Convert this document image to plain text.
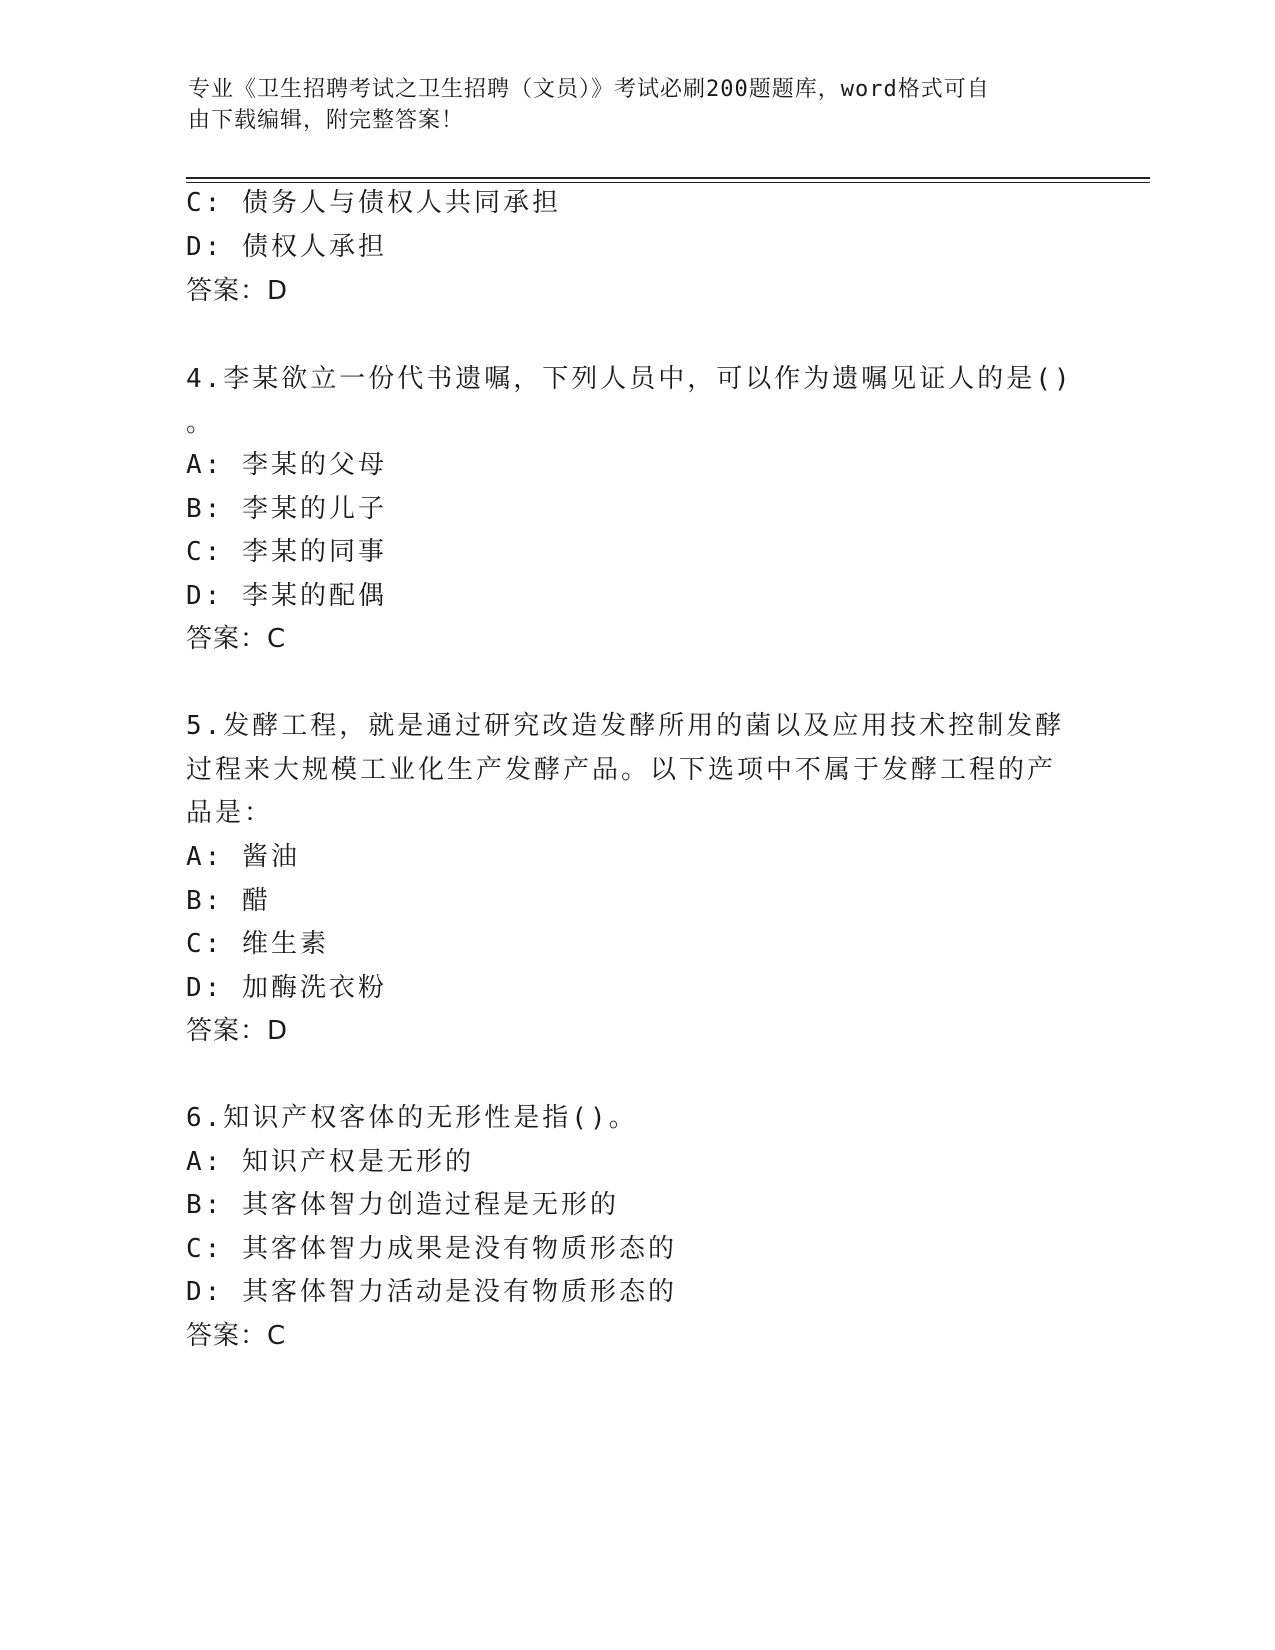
专业《卫生招聘考试之卫生招聘（文员）》考试必刷200题题库，word格式可自
由下载编辑，附完整答案！
C: 债务人与债权人共同承担
D: 债权人承担
答案：D
4.李某欲立一份代书遗嘱，下列人员中，可以作为遗嘱见证人的是()
。
A: 李某的父母
B: 李某的儿子
C: 李某的同事
D: 李某的配偶
答案：C
5.发酵工程，就是通过研究改造发酵所用的菌以及应用技术控制发酵
过程来大规模工业化生产发酵产品。以下选项中不属于发酵工程的产
品是：
A: 酱油
B: 醋
C: 维生素
D: 加酶洗衣粉
答案：D
6.知识产权客体的无形性是指()。
A: 知识产权是无形的
B: 其客体智力创造过程是无形的
C: 其客体智力成果是没有物质形态的
D: 其客体智力活动是没有物质形态的
答案：C
